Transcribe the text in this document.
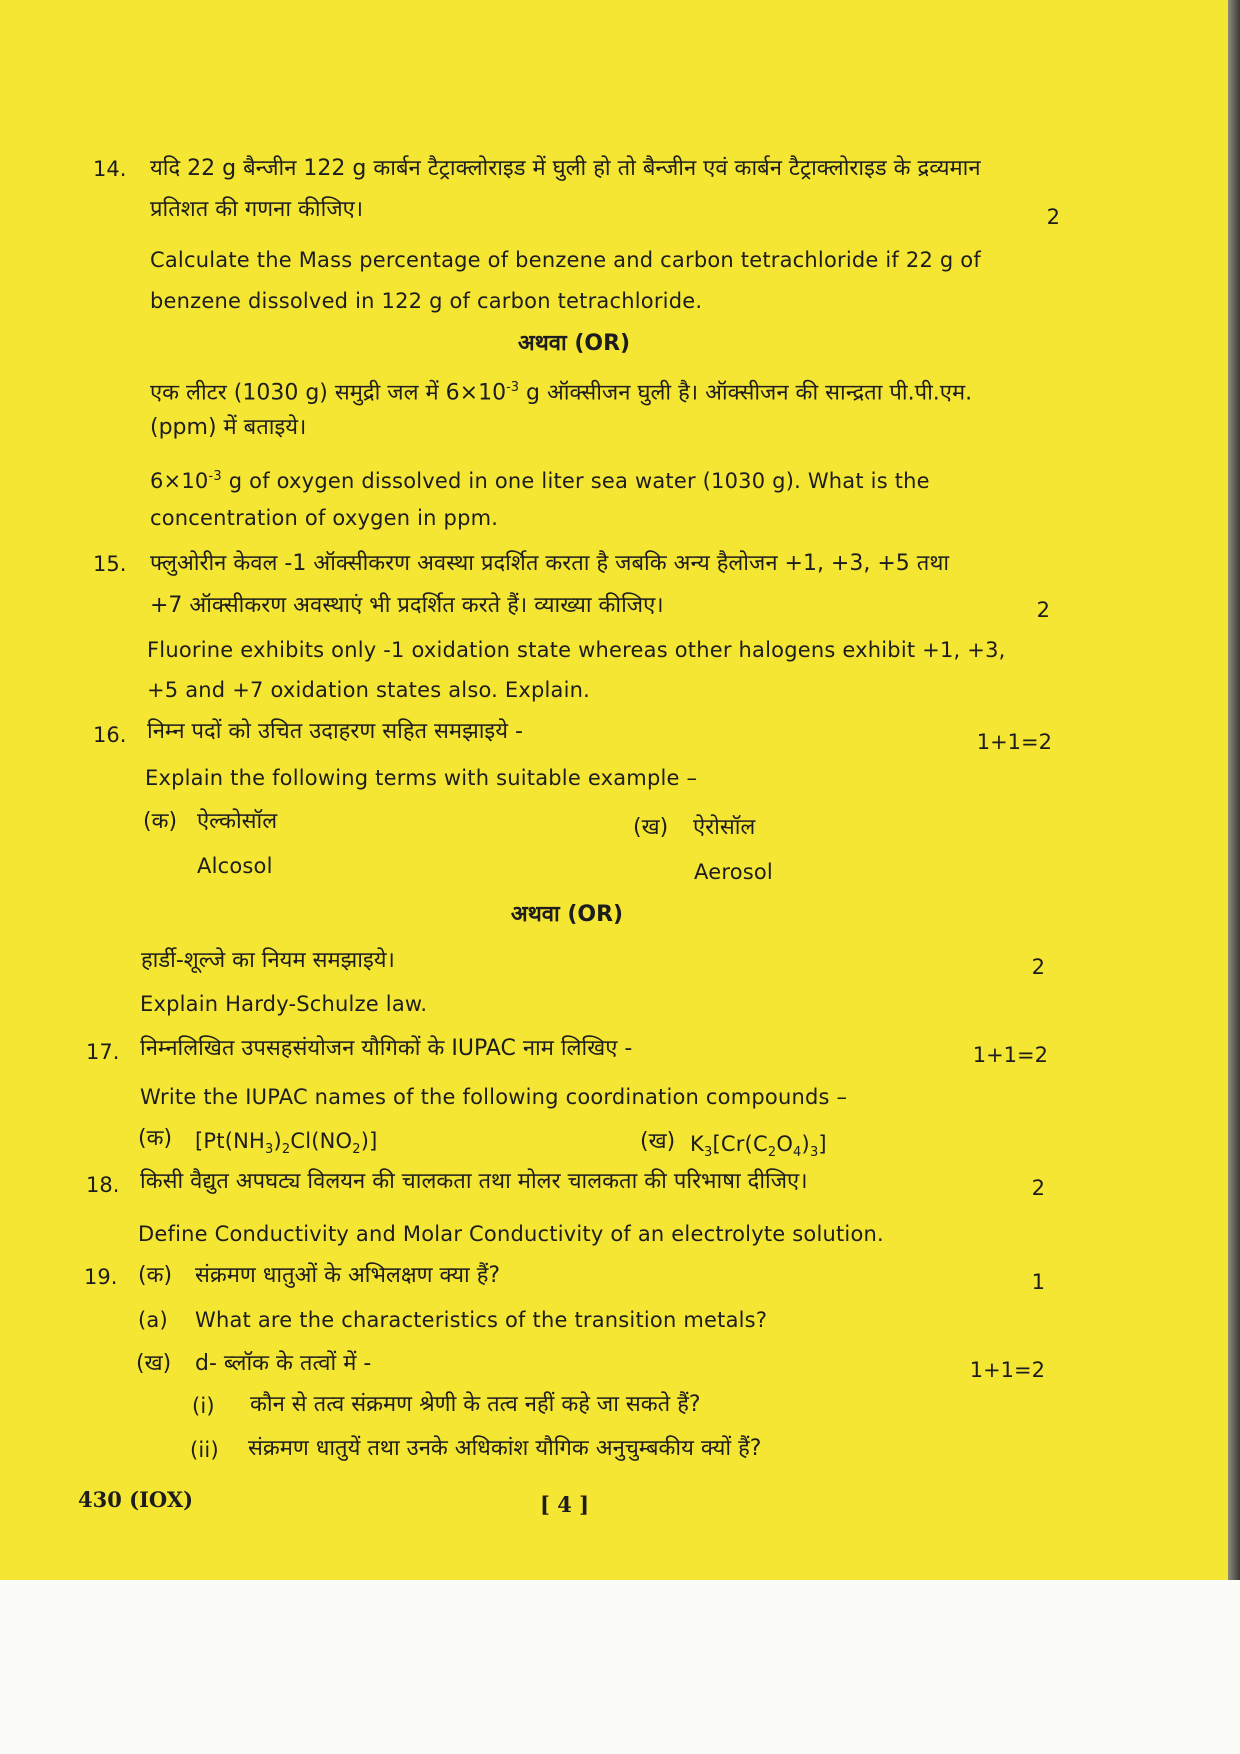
14. यदि 22 g बैन्जीन 122 g कार्बन टैट्राक्लोराइड में घुली हो तो बैन्जीन एवं कार्बन टैट्राक्लोराइड के द्रव्यमान
प्रतिशत की गणना कीजिए।	2
Calculate the Mass percentage of benzene and carbon tetrachloride if 22 g of
benzene dissolved in 122 g of carbon tetrachloride.
अथवा (OR)
एक लीटर (1030 g) समुद्री जल में $6\times 10^{-3}$ g ऑक्सीजन घुली है। ऑक्सीजन की सान्द्रता पी.पी.एम.
(ppm) में बताइये।
$6\times 10^{-3}$ g of oxygen dissolved in one liter sea water (1030 g). What is the
concentration of oxygen in ppm.
15. फ्लुओरीन केवल -1 ऑक्सीकरण अवस्था प्रदर्शित करता है जबकि अन्य हैलोजन +1, +3, +5 तथा
+7 ऑक्सीकरण अवस्थाएं भी प्रदर्शित करते हैं। व्याख्या कीजिए।	2
Fluorine exhibits only -1 oxidation state whereas other halogens exhibit +1, +3,
+5 and +7 oxidation states also. Explain.
16. निम्न पदों को उचित उदाहरण सहित समझाइये -	1+1=2
Explain the following terms with suitable example –
(क) ऐल्कोसॉल
Alcosol
(ख) ऐरोसॉल
Aerosol
अथवा (OR)
हार्डी-शूल्जे का नियम समझाइये।	2
Explain Hardy-Schulze law.
17. निम्नलिखित उपसहसंयोजन यौगिकों के IUPAC नाम लिखिए -	1+1=2
Write the IUPAC names of the following coordination compounds –
(क) $[Pt(NH_3)_2Cl(NO_2)]$	(ख) $K_3[Cr(C_2O_4)_3]$
18. किसी वैद्युत अपघट्य विलयन की चालकता तथा मोलर चालकता की परिभाषा दीजिए।	2
Define Conductivity and Molar Conductivity of an electrolyte solution.
19. (क) संक्रमण धातुओं के अभिलक्षण क्या हैं?	1
(a) What are the characteristics of the transition metals?
(ख) d- ब्लॉक के तत्वों में -	1+1=2
(i) कौन से तत्व संक्रमण श्रेणी के तत्व नहीं कहे जा सकते हैं?
(ii) संक्रमण धातुयें तथा उनके अधिकांश यौगिक अनुचुम्बकीय क्यों हैं?
430 (IOX)	[ 4 ]
